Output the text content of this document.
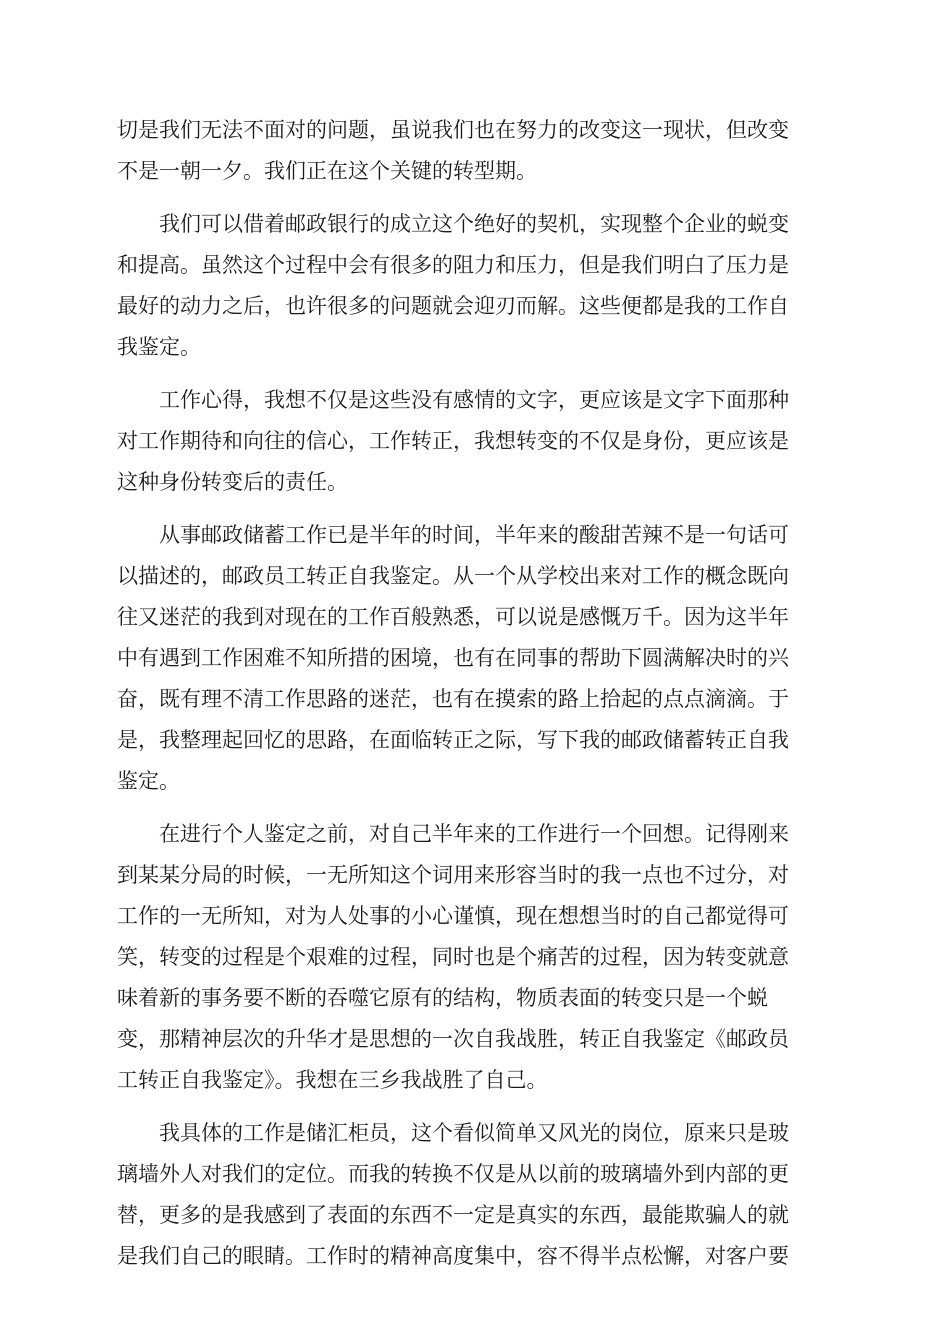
切是我们无法不面对的问题，虽说我们也在努力的改变这一现状，但改变
不是一朝一夕。我们正在这个关键的转型期。
我们可以借着邮政银行的成立这个绝好的契机，实现整个企业的蜕变
和提高。虽然这个过程中会有很多的阻力和压力，但是我们明白了压力是
最好的动力之后，也许很多的问题就会迎刃而解。这些便都是我的工作自
我鉴定。
工作心得，我想不仅是这些没有感情的文字，更应该是文字下面那种
对工作期待和向往的信心，工作转正，我想转变的不仅是身份，更应该是
这种身份转变后的责任。
从事邮政储蓄工作已是半年的时间，半年来的酸甜苦辣不是一句话可
以描述的，邮政员工转正自我鉴定。从一个从学校出来对工作的概念既向
往又迷茫的我到对现在的工作百般熟悉，可以说是感慨万千。因为这半年
中有遇到工作困难不知所措的困境，也有在同事的帮助下圆满解决时的兴
奋，既有理不清工作思路的迷茫，也有在摸索的路上拾起的点点滴滴。于
是，我整理起回忆的思路，在面临转正之际，写下我的邮政储蓄转正自我
鉴定。
在进行个人鉴定之前，对自己半年来的工作进行一个回想。记得刚来
到某某分局的时候，一无所知这个词用来形容当时的我一点也不过分，对
工作的一无所知，对为人处事的小心谨慎，现在想想当时的自己都觉得可
笑，转变的过程是个艰难的过程，同时也是个痛苦的过程，因为转变就意
味着新的事务要不断的吞噬它原有的结构，物质表面的转变只是一个蜕
变，那精神层次的升华才是思想的一次自我战胜，转正自我鉴定《邮政员
工转正自我鉴定》。我想在三乡我战胜了自己。
我具体的工作是储汇柜员，这个看似简单又风光的岗位，原来只是玻
璃墙外人对我们的定位。而我的转换不仅是从以前的玻璃墙外到内部的更
替，更多的是我感到了表面的东西不一定是真实的东西，最能欺骗人的就
是我们自己的眼睛。工作时的精神高度集中，容不得半点松懈，对客户要
